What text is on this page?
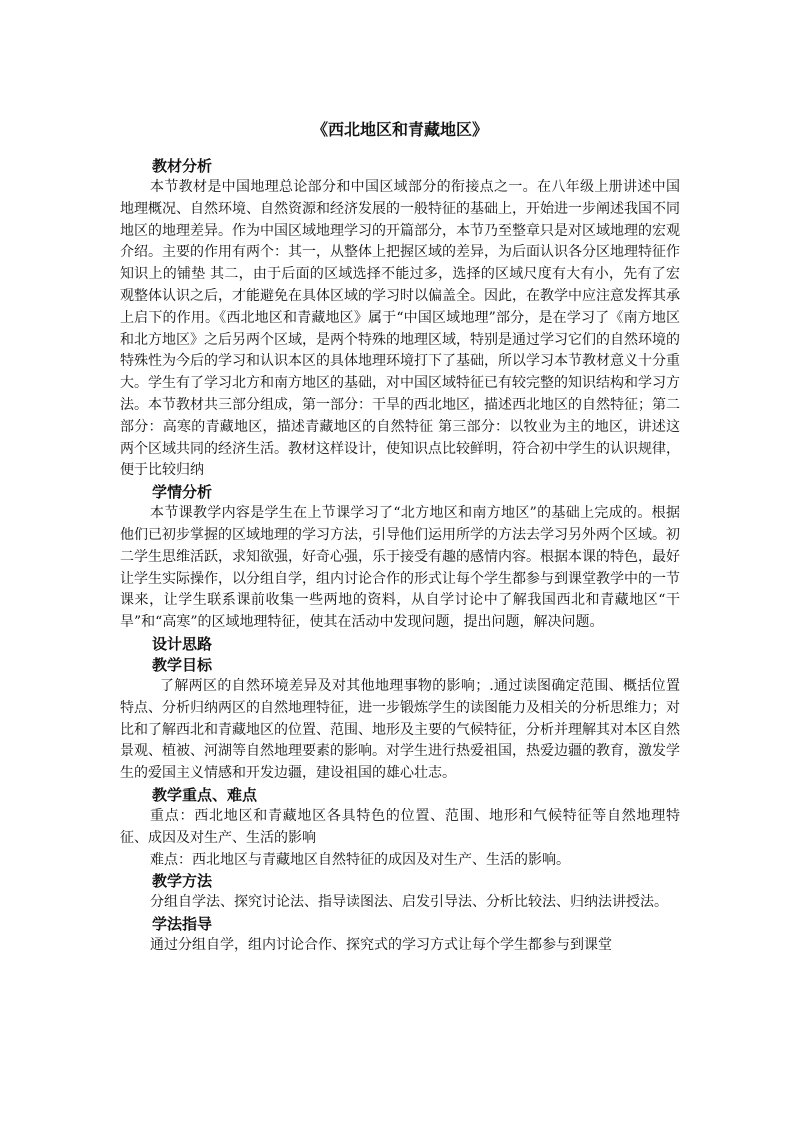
《西北地区和青藏地区》
教材分析

本节教材是中国地理总论部分和中国区域部分的衔接点之一。在八年级上册讲述中国地理概况、自然环境、自然资源和经济发展的一般特征的基础上，开始进一步阐述我国不同地区的地理差异。作为中国区域地理学习的开篇部分，本节乃至整章只是对区域地理的宏观介绍。主要的作用有两个：其一，从整体上把握区域的差异，为后面认识各分区地理特征作知识上的铺垫 其二，由于后面的区域选择不能过多，选择的区域尺度有大有小，先有了宏观整体认识之后，才能避免在具体区域的学习时以偏盖全。因此，在教学中应注意发挥其承上启下的作用。《西北地区和青藏地区》属于“中国区域地理”部分，是在学习了《南方地区和北方地区》之后另两个区域，是两个特殊的地理区域，特别是通过学习它们的自然环境的特殊性为今后的学习和认识本区的具体地理环境打下了基础，所以学习本节教材意义十分重大。学生有了学习北方和南方地区的基础，对中国区域特征已有较完整的知识结构和学习方法。本节教材共三部分组成，第一部分：干旱的西北地区，描述西北地区的自然特征；第二部分：高寒的青藏地区，描述青藏地区的自然特征 第三部分：以牧业为主的地区，讲述这两个区域共同的经济生活。教材这样设计，使知识点比较鲜明，符合初中学生的认识规律，便于比较归纳

学情分析

本节课教学内容是学生在上节课学习了“北方地区和南方地区”的基础上完成的。根据他们已初步掌握的区域地理的学习方法，引导他们运用所学的方法去学习另外两个区域。初二学生思维活跃，求知欲强，好奇心强，乐于接受有趣的感情内容。根据本课的特色，最好让学生实际操作，以分组自学，组内讨论合作的形式让每个学生都参与到课堂教学中的一节课来，让学生联系课前收集一些两地的资料，从自学讨论中了解我国西北和青藏地区“干旱”和“高寒”的区域地理特征，使其在活动中发现问题，提出问题，解决问题。

设计思路
教学目标

了解两区的自然环境差异及对其他地理事物的影响；.通过读图确定范围、概括位置特点、分析归纳两区的自然地理特征，进一步锻炼学生的读图能力及相关的分析思维力；对比和了解西北和青藏地区的位置、范围、地形及主要的气候特征，分析并理解其对本区自然景观、植被、河湖等自然地理要素的影响。对学生进行热爱祖国，热爱边疆的教育，激发学生的爱国主义情感和开发边疆，建设祖国的雄心壮志。

教学重点、难点

重点：西北地区和青藏地区各具特色的位置、范围、地形和气候特征等自然地理特征、成因及对生产、生活的影响

难点：西北地区与青藏地区自然特征的成因及对生产、生活的影响。

教学方法

分组自学法、探究讨论法、指导读图法、启发引导法、分析比较法、归纳法讲授法。

学法指导

通过分组自学，组内讨论合作、探究式的学习方式让每个学生都参与到课堂
